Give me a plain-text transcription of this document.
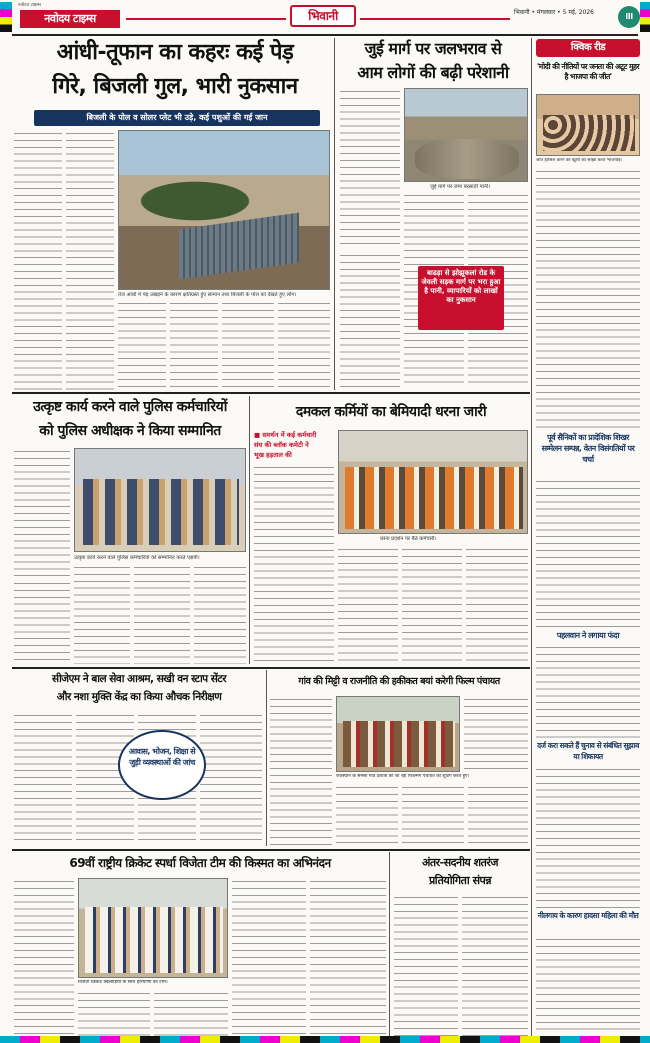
नवोदय टाइम्स
नवोदय टाइम्स	भिवानी	भिवानी • मंगलवार • 5 मई, 2026	III
आंधी-तूफान का कहरः कई पेड़
गिरे, बिजली गुल, भारी नुकसान
बिजली के पोल व सोलर प्लेट भी उड़े, कई पशुओं की गई जान
तेज आंधी में पेड़ उखड़ने के कारण क्षतिग्रस्त हुए सामान तथा बिजली के पोल को देखते हुए लोग।
जुई मार्ग पर जलभराव से
आम लोगों की बढ़ी परेशानी
जुई मार्ग पर जमा बरसाती पानी।
बाढड़ा से झोझूकलां रोड के जेवली सड़क मार्ग पर भरा हुआ है पानी, व्यापारियों को लाखों का नुकसान
क्विक रीड
'मोदी की नीतियों पर जनता की अटूट मुहर है भाजपा की जीत'
जीत हासिल करने की खुशी को साझा करते भाजपाई।
पूर्व सैनिकों का प्रादेशिक शिखर सम्मेलन सम्पन्न, वेतन विसंगतियों पर चर्चा
पहलवान ने लगाया फंदा
दर्ज करा सकते हैं चुनाव से संबंधित सुझाव या शिकायत
नीलगाय के कारण हादसा महिला की मौत
उत्कृष्ट कार्य करने वाले पुलिस कर्मचारियों
को पुलिस अधीक्षक ने किया सम्मानित
उत्कृष्ट कार्य करने वाले पुलिस कर्मचारियों को सम्मानित करते एसपी।
दमकल कर्मियों का बेमियादी धरना जारी
■ समर्थन में कई कर्मचारी
संघ की ब्लॉक कमेटी ने
भूख हड़ताल की
धरना प्रदर्शन पर बैठे कर्मचारी।
सीजेएम ने बाल सेवा आश्रम, सखी वन स्टाप सेंटर
और नशा मुक्ति केंद्र का किया औचक निरीक्षण
आवास, भोजन, शिक्षा से जुड़ी व्यवस्थाओं की जांच
गांव की मिट्टी व राजनीति की हकीकत बयां करेगी फिल्म पंचायत
राजस्थान के समसा गांव दर्शाती की जा रही फिल्मिंग पंचायत की शूटिंग करते हुए।
69वीं राष्ट्रीय क्रिकेट स्पर्धा विजेता टीम की किस्मत का अभिनंदन
विजेता क्रिकेट खिलाड़ियों के साथ हरियाणा की टीम।
अंतर-सदनीय शतरंज
प्रतियोगिता संपन्न
